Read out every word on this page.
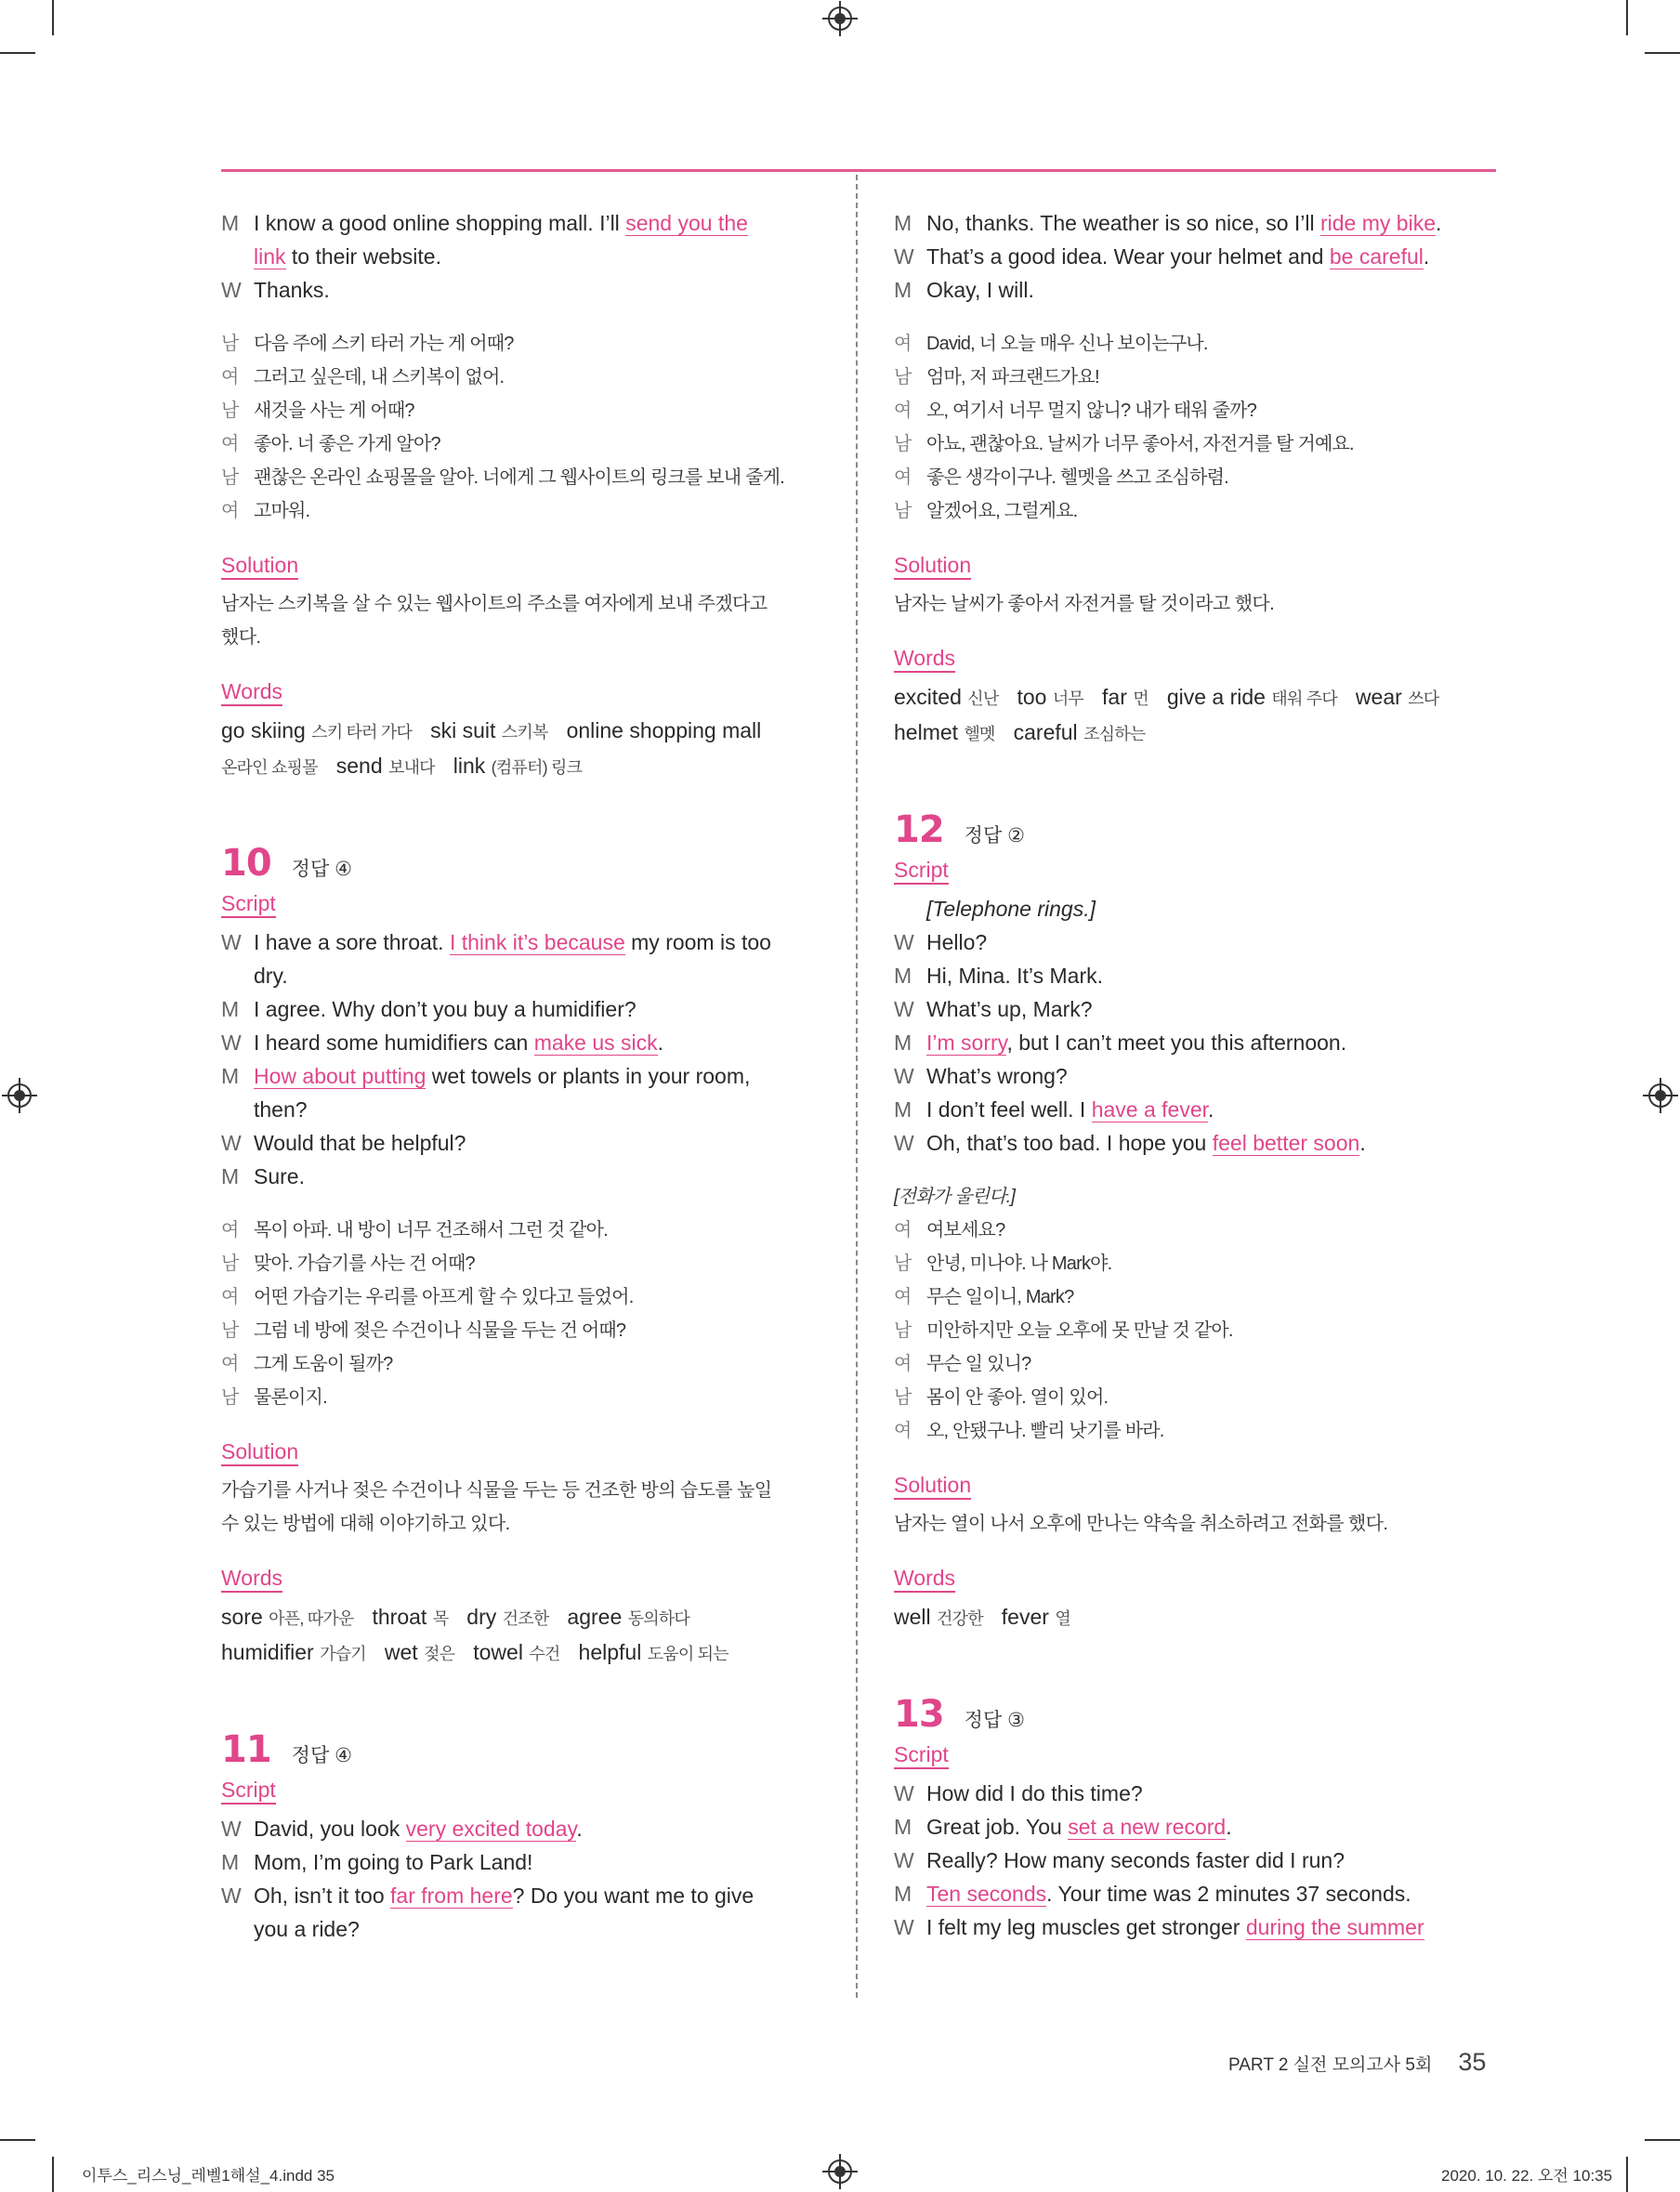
M I know a good online shopping mall. I’ll send you the
link to their website.
W Thanks.
남 다음 주에 스키 타러 가는 게 어때?
여 그러고 싶은데, 내 스키복이 없어.
남 새것을 사는 게 어때?
여 좋아. 너 좋은 가게 알아?
남 괜찮은 온라인 쇼핑몰을 알아. 너에게 그 웹사이트의 링크를 보내 줄게.
여 고마워.
Solution
남자는 스키복을 살 수 있는 웹사이트의 주소를 여자에게 보내 주겠다고
했다.
Words
go skiing 스키 타러 가다 ski suit 스키복 online shopping mall
온라인 쇼핑몰 send 보내다 link (컴퓨터) 링크
10 정답 ④
Script
W I have a sore throat. I think it’s because my room is too
dry.
M I agree. Why don’t you buy a humidifier?
W I heard some humidifiers can make us sick.
M How about putting wet towels or plants in your room,
then?
W Would that be helpful?
M Sure.
여 목이 아파. 내 방이 너무 건조해서 그런 것 같아.
남 맞아. 가습기를 사는 건 어때?
여 어떤 가습기는 우리를 아프게 할 수 있다고 들었어.
남 그럼 네 방에 젖은 수건이나 식물을 두는 건 어때?
여 그게 도움이 될까?
남 물론이지.
Solution
가습기를 사거나 젖은 수건이나 식물을 두는 등 건조한 방의 습도를 높일
수 있는 방법에 대해 이야기하고 있다.
Words
sore 아픈, 따가운 throat 목 dry 건조한 agree 동의하다
humidifier 가습기 wet 젖은 towel 수건 helpful 도움이 되는
11 정답 ④
Script
W David, you look very excited today.
M Mom, I’m going to Park Land!
W Oh, isn’t it too far from here? Do you want me to give
you a ride?
M No, thanks. The weather is so nice, so I’ll ride my bike.
W That’s a good idea. Wear your helmet and be careful.
M Okay, I will.
여 David, 너 오늘 매우 신나 보이는구나.
남 엄마, 저 파크랜드가요!
여 오, 여기서 너무 멀지 않니? 내가 태워 줄까?
남 아뇨, 괜찮아요. 날씨가 너무 좋아서, 자전거를 탈 거예요.
여 좋은 생각이구나. 헬멧을 쓰고 조심하렴.
남 알겠어요, 그럴게요.
Solution
남자는 날씨가 좋아서 자전거를 탈 것이라고 했다.
Words
excited 신난 too 너무 far 먼 give a ride 태워 주다 wear 쓰다
helmet 헬멧 careful 조심하는
12 정답 ②
Script
[Telephone rings.]
W Hello?
M Hi, Mina. It’s Mark.
W What’s up, Mark?
M I’m sorry, but I can’t meet you this afternoon.
W What’s wrong?
M I don’t feel well. I have a fever.
W Oh, that’s too bad. I hope you feel better soon.
[전화가 울린다.]
여 여보세요?
남 안녕, 미나야. 나 Mark야.
여 무슨 일이니, Mark?
남 미안하지만 오늘 오후에 못 만날 것 같아.
여 무슨 일 있니?
남 몸이 안 좋아. 열이 있어.
여 오, 안됐구나. 빨리 낫기를 바라.
Solution
남자는 열이 나서 오후에 만나는 약속을 취소하려고 전화를 했다.
Words
well 건강한 fever 열
13 정답 ③
Script
W How did I do this time?
M Great job. You set a new record.
W Really? How many seconds faster did I run?
M Ten seconds. Your time was 2 minutes 37 seconds.
W I felt my leg muscles get stronger during the summer
PART 2 실전 모의고사 5회 35
이투스_리스닝_레벨1해설_4.indd 35	2020. 10. 22. 오전 10:35
